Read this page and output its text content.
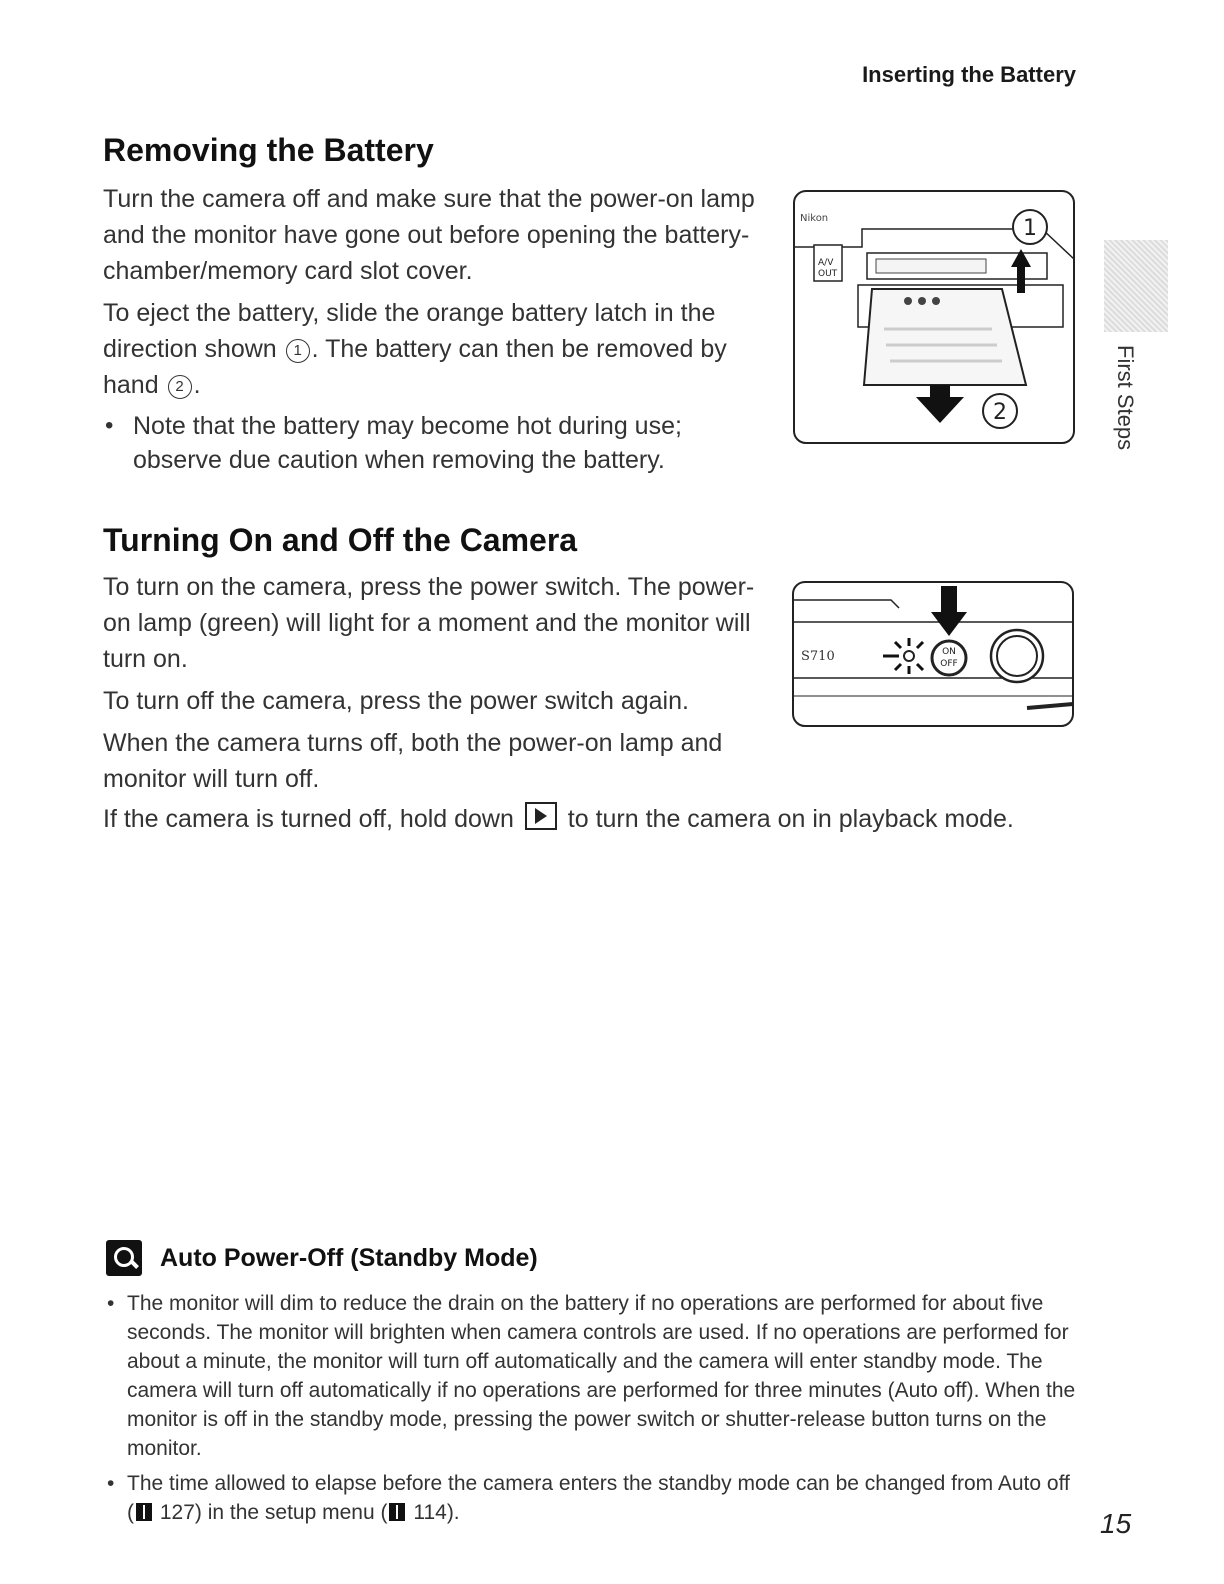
Inserting the Battery
First Steps
Removing the Battery

Turn the camera off and make sure that the power-on lamp and the monitor have gone out before opening the battery-chamber/memory card slot cover.

To eject the battery, slide the orange battery latch in the direction shown 1 . The battery can then be removed by hand 2 .

• Note that the battery may become hot during use; observe due caution when removing the battery.
Nikon
A/V
OUT
1
2
Turning On and Off the Camera

To turn on the camera, press the power switch. The power-on lamp (green) will light for a moment and the monitor will turn on.

To turn off the camera, press the power switch again.

When the camera turns off, both the power-on lamp and monitor will turn off.

If the camera is turned off, hold down  to turn the camera on in playback mode.

S710	ON
OFF
Auto Power-Off (Standby Mode)
• The monitor will dim to reduce the drain on the battery if no operations are performed for about five seconds. The monitor will brighten when camera controls are used. If no operations are performed for about a minute, the monitor will turn off automatically and the camera will enter standby mode. The camera will turn off automatically if no operations are performed for three minutes (Auto off). When the monitor is off in the standby mode, pressing the power switch or shutter-release button turns on the monitor.
• The time allowed to elapse before the camera enters the standby mode can be changed from Auto off ( 127) in the setup menu ( 114).	15
